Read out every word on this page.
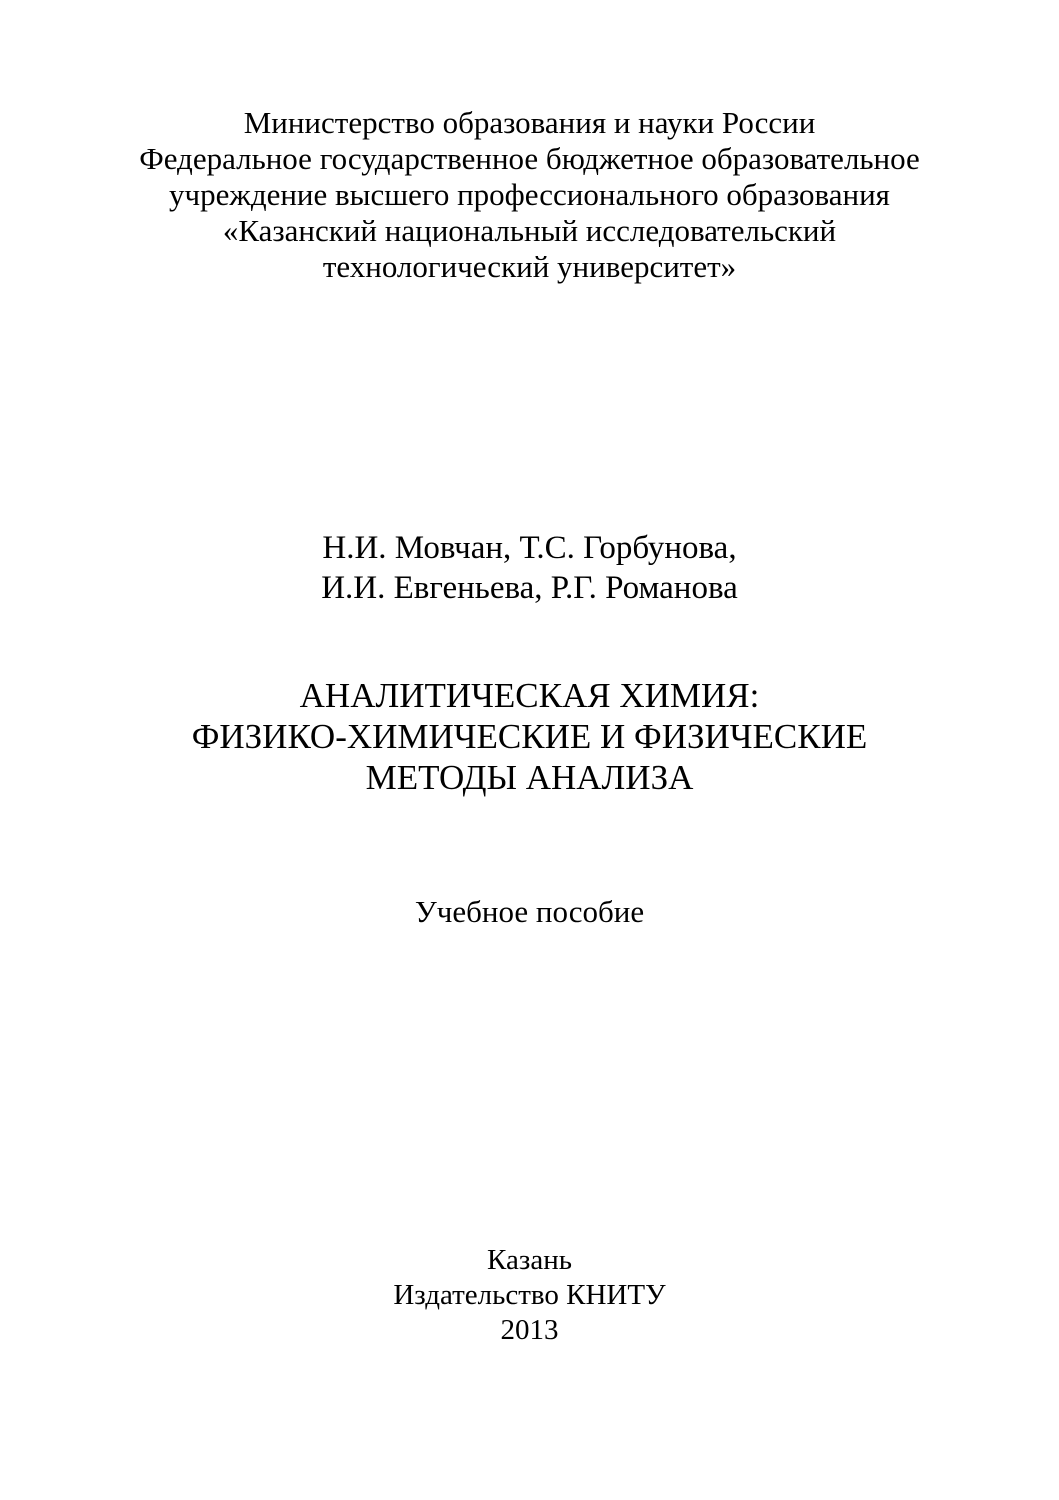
Министерство образования и науки России
Федеральное государственное бюджетное образовательное
учреждение высшего профессионального образования
«Казанский национальный исследовательский
технологический университет»
Н.И. Мовчан, Т.С. Горбунова,
И.И. Евгеньева, Р.Г. Романова
АНАЛИТИЧЕСКАЯ ХИМИЯ:
ФИЗИКО-ХИМИЧЕСКИЕ И ФИЗИЧЕСКИЕ
МЕТОДЫ АНАЛИЗА
Учебное пособие
Казань
Издательство КНИТУ
2013
